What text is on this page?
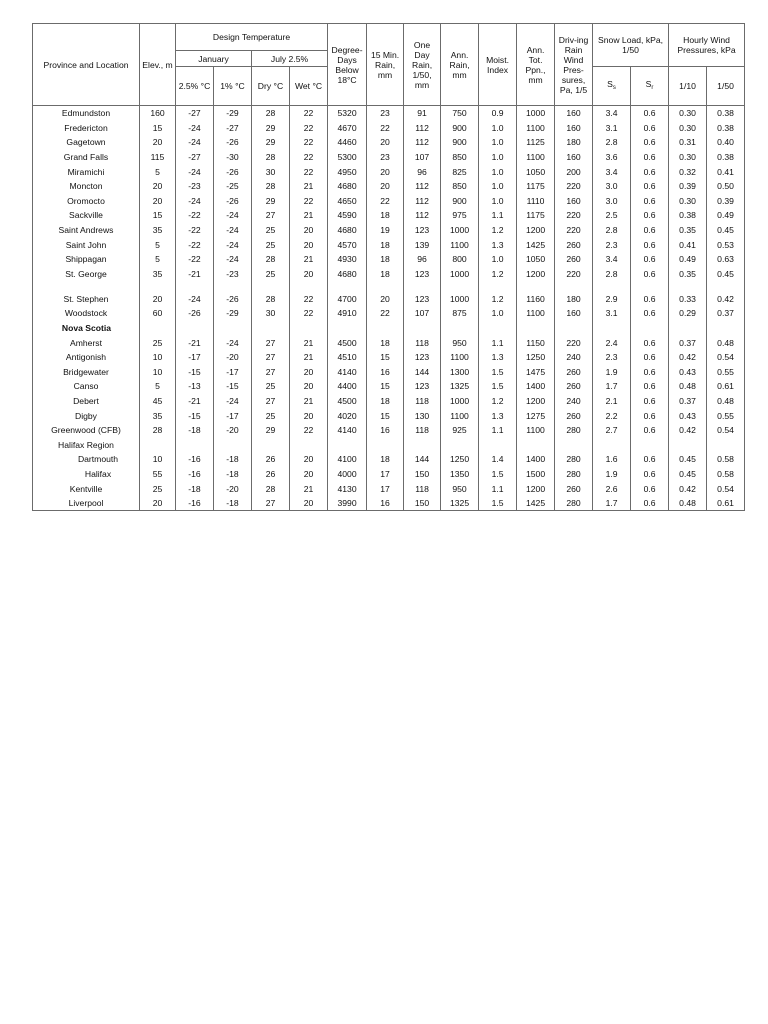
Province and Location	Elev., m	Design Temperature				Degree-Days Below 18°C	15 Min. Rain, mm	One Day Rain, 1/50, mm	Ann. Rain, mm	Moist. Index	Ann. Tot. Ppn., mm	Driv-ing Rain Wind Pres-sures, Pa, 1/5	Snow Load, kPa, 1/50		Hourly Wind Pressures, kPa	
		January		July 2.5%												
		2.5% °C	1% °C	Dry °C	Wet °C								$S_s$	$S_r$	1/10	1/50
Edmundston	160	-27	-29	28	22	5320	23	91	750	0.9	1000	160	3.4	0.6	0.30	0.38
Fredericton	15	-24	-27	29	22	4670	22	112	900	1.0	1100	160	3.1	0.6	0.30	0.38
Gagetown	20	-24	-26	29	22	4460	20	112	900	1.0	1125	180	2.8	0.6	0.31	0.40
Grand Falls	115	-27	-30	28	22	5300	23	107	850	1.0	1100	160	3.6	0.6	0.30	0.38
Miramichi	5	-24	-26	30	22	4950	20	96	825	1.0	1050	200	3.4	0.6	0.32	0.41
Moncton	20	-23	-25	28	21	4680	20	112	850	1.0	1175	220	3.0	0.6	0.39	0.50
Oromocto	20	-24	-26	29	22	4650	22	112	900	1.0	1110	160	3.0	0.6	0.30	0.39
Sackville	15	-22	-24	27	21	4590	18	112	975	1.1	1175	220	2.5	0.6	0.38	0.49
Saint Andrews	35	-22	-24	25	20	4680	19	123	1000	1.2	1200	220	2.8	0.6	0.35	0.45
Saint John	5	-22	-24	25	20	4570	18	139	1100	1.3	1425	260	2.3	0.6	0.41	0.53
Shippagan	5	-22	-24	28	21	4930	18	96	800	1.0	1050	260	3.4	0.6	0.49	0.63
St. George	35	-21	-23	25	20	4680	18	123	1000	1.2	1200	220	2.8	0.6	0.35	0.45
St. Stephen	20	-24	-26	28	22	4700	20	123	1000	1.2	1160	180	2.9	0.6	0.33	0.42
Woodstock	60	-26	-29	30	22	4910	22	107	875	1.0	1100	160	3.1	0.6	0.29	0.37
Nova Scotia																
Amherst	25	-21	-24	27	21	4500	18	118	950	1.1	1150	220	2.4	0.6	0.37	0.48
Antigonish	10	-17	-20	27	21	4510	15	123	1100	1.3	1250	240	2.3	0.6	0.42	0.54
Bridgewater	10	-15	-17	27	20	4140	16	144	1300	1.5	1475	260	1.9	0.6	0.43	0.55
Canso	5	-13	-15	25	20	4400	15	123	1325	1.5	1400	260	1.7	0.6	0.48	0.61
Debert	45	-21	-24	27	21	4500	18	118	1000	1.2	1200	240	2.1	0.6	0.37	0.48
Digby	35	-15	-17	25	20	4020	15	130	1100	1.3	1275	260	2.2	0.6	0.43	0.55
Greenwood (CFB)	28	-18	-20	29	22	4140	16	118	925	1.1	1100	280	2.7	0.6	0.42	0.54
Halifax Region																
Dartmouth	10	-16	-18	26	20	4100	18	144	1250	1.4	1400	280	1.6	0.6	0.45	0.58
Halifax	55	-16	-18	26	20	4000	17	150	1350	1.5	1500	280	1.9	0.6	0.45	0.58
Kentville	25	-18	-20	28	21	4130	17	118	950	1.1	1200	260	2.6	0.6	0.42	0.54
Liverpool	20	-16	-18	27	20	3990	16	150	1325	1.5	1425	280	1.7	0.6	0.48	0.61
